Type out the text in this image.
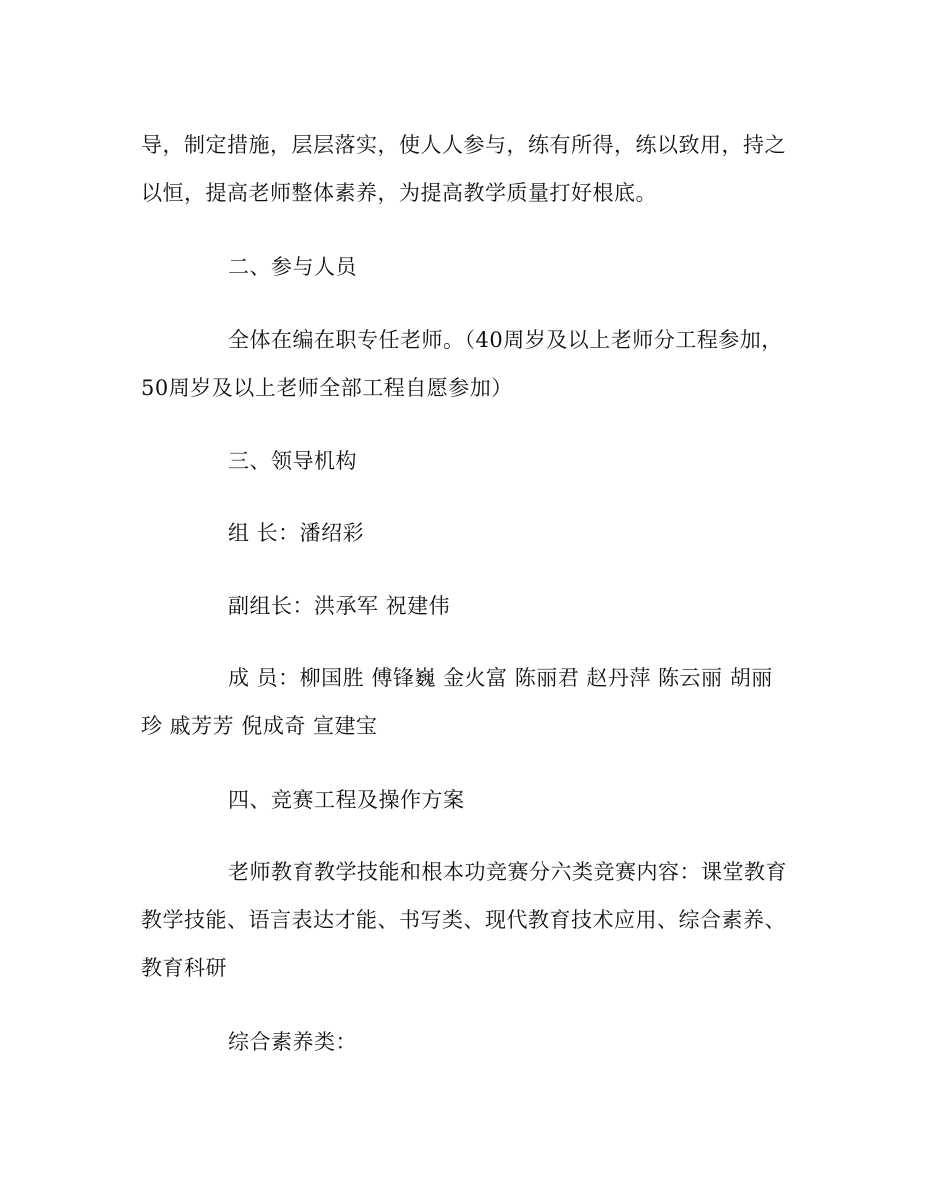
导，制定措施，层层落实，使人人参与，练有所得，练以致用，持之
以恒，提高老师整体素养，为提高教学质量打好根底。
二、参与人员
全体在编在职专任老师。（40周岁及以上老师分工程参加，
50周岁及以上老师全部工程自愿参加）
三、领导机构
组 长：潘绍彩
副组长：洪承军 祝建伟
成 员：柳国胜 傅锋巍 金火富 陈丽君 赵丹萍 陈云丽 胡丽
珍 戚芳芳 倪成奇 宣建宝
四、竞赛工程及操作方案
老师教育教学技能和根本功竞赛分六类竞赛内容：课堂教育
教学技能、语言表达才能、书写类、现代教育技术应用、综合素养、
教育科研
综合素养类：
